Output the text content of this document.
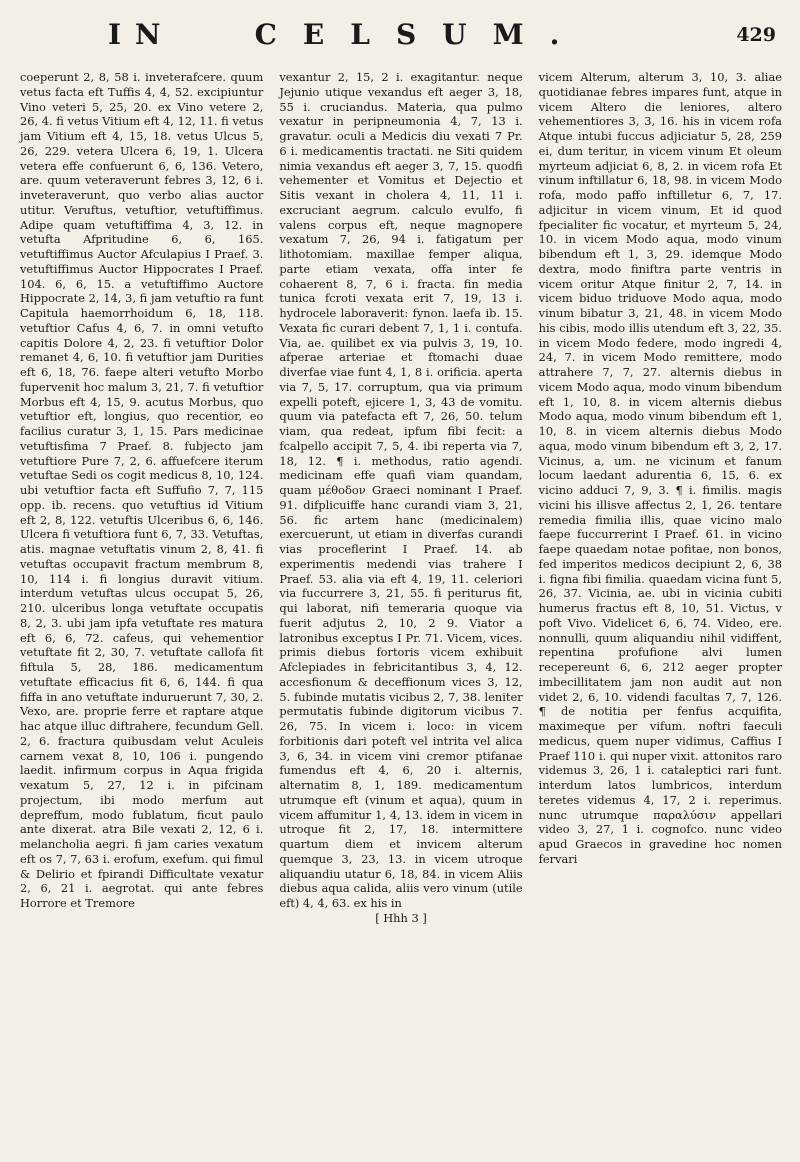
I N	CELSUM.	429

coeperunt 2, 8, 58 i. inveterafcere. quum vetus facta eft Tuffis 4, 4, 52. excipiuntur Vino veteri 5, 25, 20. ex Vino vetere 2, 26, 4. fi vetus Vitium eft 4, 12, 11. fi vetus jam Vitium eft 4, 15, 18. vetus Ulcus 5, 26, 229. vetera Ulcera 6, 19, 1. Ulcera vetera effe confuerunt 6, 6, 136. Vetero, are. quum veteraverunt febres 3, 12, 6 i. inveteraverunt, quo verbo alias auctor utitur. Veruftus, vetuftior, vetuftiffimus. Adipe quam vetuftiffima 4, 3, 12. in vetufta Afpritudine 6, 6, 165. vetuftiffimus Auctor Afculapius I Praef. 3. vetuftiffimus Auctor Hippocrates I Praef. 104. 6, 6, 15. a vetuftiffimo Auctore Hippocrate 2, 14, 3, fi jam vetuftio ra funt Capitula haemorrhoidum 6, 18, 118. vetuftior Cafus 4, 6, 7. in omni vetufto capitis Dolore 4, 2, 23. fi vetuftior Dolor remanet 4, 6, 10. fi vetuftior jam Durities eft 6, 18, 76. faepe alteri vetufto Morbo fupervenit hoc malum 3, 21, 7. fi vetuftior Morbus eft 4, 15, 9. acutus Morbus, quo vetuftior eft, longius, quo recentior, eo facilius curatur 3, 1, 15. Pars medicinae vetuftisfima 7 Praef. 8. fubjecto jam vetuftiore Pure 7, 2, 6. affuefcere iterum vetuftae Sedi os cogit medicus 8, 10, 124. ubi vetuftior facta eft Suffufio 7, 7, 115 opp. ib. recens. quo vetuftius id Vitium eft 2, 8, 122. vetuftis Ulceribus 6, 6, 146. Ulcera fi vetuftiora funt 6, 7, 33. Vetuftas, atis. magnae vetuftatis vinum 2, 8, 41. fi vetuftas occupavit fractum membrum 8, 10, 114 i. fi longius duravit vitium. interdum vetuftas ulcus occupat 5, 26, 210. ulceribus longa vetuftate occupatis 8, 2, 3. ubi jam ipfa vetuftate res matura eft 6, 6, 72. cafeus, qui vehementior vetuftate fit 2, 30, 7. vetuftate callofa fit fiftula 5, 28, 186. medicamentum vetuftate efficacius fit 6, 6, 144. fi qua fiffa in ano vetuftate induruerunt 7, 30, 2. Vexo, are. proprie ferre et raptare atque hac atque illuc diftrahere, fecundum Gell. 2, 6. fractura quibusdam velut Aculeis carnem vexat 8, 10, 106 i. pungendo laedit. infirmum corpus in Aqua frigida vexatum 5, 27, 12 i. in pifcinam projectum, ibi modo merfum aut depreffum, modo fublatum, ficut paulo ante dixerat. atra Bile vexati 2, 12, 6 i. melancholia aegri. fi jam caries vexatum eft os 7, 7, 63 i. erofum, exefum. qui fimul & Delirio et fpirandi Difficultate vexatur 2, 6, 21 i. aegrotat. qui ante febres Horrore et Tremore

vexantur 2, 15, 2 i. exagitantur. neque Jejunio utique vexandus eft aeger 3, 18, 55 i. cruciandus. Materia, qua pulmo vexatur in peripneumonia 4, 7, 13 i. gravatur. oculi a Medicis diu vexati 7 Pr. 6 i. medicamentis tractati. ne Siti quidem nimia vexandus eft aeger 3, 7, 15. quodfi vehementer et Vomitus et Dejectio et Sitis vexant in cholera 4, 11, 11 i. excruciant aegrum. calculo evulfo, fi valens corpus eft, neque magnopere vexatum 7, 26, 94 i. fatigatum per lithotomiam. maxillae femper aliqua, parte etiam vexata, offa inter fe cohaerent 8, 7, 6 i. fracta. fin media tunica fcroti vexata erit 7, 19, 13 i. hydrocele laboraverit: fynon. laefa ib. 15. Vexata fic curari debent 7, 1, 1 i. contufa. Via, ae. quilibet ex via pulvis 3, 19, 10. afperae arteriae et ftomachi duae diverfae viae funt 4, 1, 8 i. orificia. aperta via 7, 5, 17. corruptum, qua via primum expelli poteft, ejicere 1, 3, 43 de vomitu. quum via patefacta eft 7, 26, 50. telum viam, qua redeat, ipfum fibi fecit: a fcalpello accipit 7, 5, 4. ibi reperta via 7, 18, 12. ¶ i. methodus, ratio agendi. medicinam effe quafi viam quandam, quam μέθοδον Graeci nominant I Praef. 91. difplicuiffe hanc curandi viam 3, 21, 56. fic artem hanc (medicinalem) exercuerunt, ut etiam in diverfas curandi vias proceflerint I Praef. 14. ab experimentis medendi vias traherе I Praef. 53. alia via eft 4, 19, 11. celeriori via fuccurrere 3, 21, 55. fi periturus fit, qui laborat, nifi temeraria quoque via fuerit adjutus 2, 10, 2 9. Viator a latronibus exceptus I Pr. 71. Vicem, vices. primis diebus fortoris vicem exhibuit Afclepiades in febricitantibus 3, 4, 12. accesfionum & deceffionum vices 3, 12, 5. fubinde mutatis vicibus 2, 7, 38. leniter permutatis fubinde digitorum vicibus 7. 26, 75. In vicem i. loco: in vicem forbitionis dari poteft vel intrita vel alica 3, 6, 34. in vicem vini cremor ptifanae fumendus eft 4, 6, 20 i. alternis, alternatim 8, 1, 189. medicamentum utrumque eft (vinum et aqua), quum in vicem affumitur 1, 4, 13. idem in vicem in utroque fit 2, 17, 18. intermittere quartum diem et invicem alterum quemque 3, 23, 13. in vicem utroque aliquandiu utatur 6, 18, 84. in vicem Aliis diebus aqua calida, aliis vero vinum (utile eft) 4, 4, 63. ex his in

[ Hhh 3 ]

vicem Alterum, alterum 3, 10, 3. aliae quotidianae febres impares funt, atque in vicem Altero die leniores, altero vehementiores 3, 3, 16. his in vicem rofa Atque intubi fuccus adjiciatur 5, 28, 259 ei, dum teritur, in vicem vinum Et oleum myrteum adjiciat 6, 8, 2. in vicem rofa Et vinum inftillatur 6, 18, 98. in vicem Modo rofa, modo paffo inftilletur 6, 7, 17. adjicitur in vicem vinum, Et id quod fpecialiter fic vocatur, et myrteum 5, 24, 10. in vicem Modo aqua, modo vinum bibendum eft 1, 3, 29. idemque Modo dextra, modo finiftra parte ventris in vicem oritur Atque finitur 2, 7, 14. in vicem biduo triduove Modo aqua, modo vinum bibatur 3, 21, 48. in vicem Modo his cibis, modo illis utendum eft 3, 22, 35. in vicem Modo federe, modo ingredi 4, 24, 7. in vicem Modo remittere, modo attrahere 7, 7, 27. alternis diebus in vicem Modo aqua, modo vinum bibendum eft 1, 10, 8. in vicem alternis diebus Modo aqua, modo vinum bibendum eft 1, 10, 8. in vicem alternis diebus Modo aqua, modo vinum bibendum eft 3, 2, 17. Vicinus, a, um. ne vicinum et fanum locum laedant adurentia 6, 15, 6. ex vicino adduci 7, 9, 3. ¶ i. fimilis. magis vicini his illisve affectus 2, 1, 26. tentare remedia fimilia illis, quae vicino malo faepe fuccurrerint I Praef. 61. in vicino faepe quaedam notae pofitae, non bonos, fed imperitos medicos decipiunt 2, 6, 38 i. figna fibi fimilia. quaedam vicina funt 5, 26, 37. Vicinia, ae. ubi in vicinia cubiti humerus fractus eft 8, 10, 51. Victus, v poft Vivo. Videlicet 6, 6, 74. Video, ere. nonnulli, quum aliquandiu nihil vidiffent, repentina profufione alvi lumen recepereunt 6, 6, 212 aeger propter imbecillitatem jam non audit aut non videt 2, 6, 10. videndi facultas 7, 7, 126. ¶ de notitia per fenfus acquifita, maximeque per vifum. noftri faeculi medicus, quem nuper vidimus, Caffius I Praef 110 i. qui nuper vixit. attonitos raro videmus 3, 26, 1 i. catalepticі rari funt. interdum latos lumbricos, interdum teretes videmus 4, 17, 2 i. reperimus. nunc utrumque παραλύσιν appellari video 3, 27, 1 i. cognofco. nunc video apud Graecos in gravedine hoc nomen fervari
